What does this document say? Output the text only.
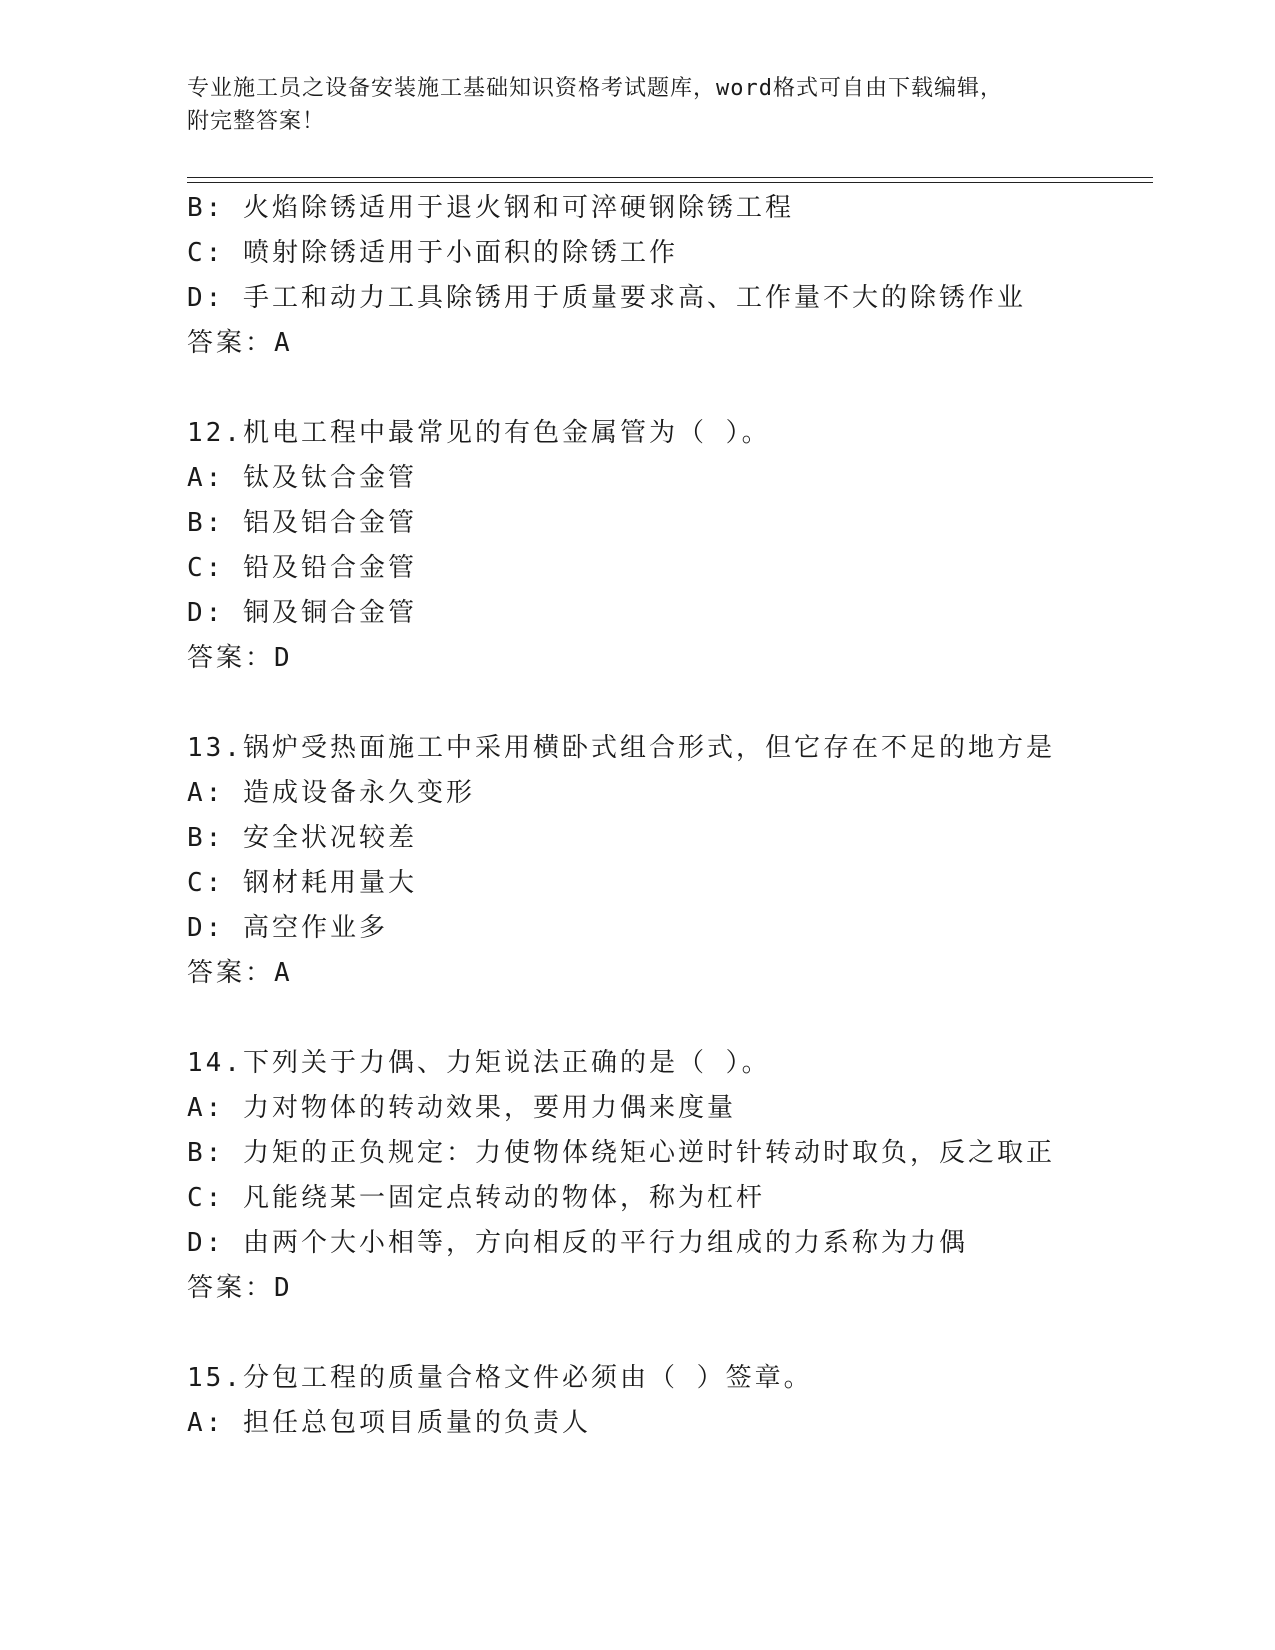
专业施工员之设备安装施工基础知识资格考试题库，word格式可自由下载编辑，
附完整答案！
B: 火焰除锈适用于退火钢和可淬硬钢除锈工程
C: 喷射除锈适用于小面积的除锈工作
D: 手工和动力工具除锈用于质量要求高、工作量不大的除锈作业
答案：A
12.机电工程中最常见的有色金属管为（ ）。
A: 钛及钛合金管
B: 铝及铝合金管
C: 铅及铅合金管
D: 铜及铜合金管
答案：D
13.锅炉受热面施工中采用横卧式组合形式，但它存在不足的地方是
A: 造成设备永久变形
B: 安全状况较差
C: 钢材耗用量大
D: 高空作业多
答案：A
14.下列关于力偶、力矩说法正确的是（ ）。
A: 力对物体的转动效果，要用力偶来度量
B: 力矩的正负规定：力使物体绕矩心逆时针转动时取负，反之取正
C: 凡能绕某一固定点转动的物体，称为杠杆
D: 由两个大小相等，方向相反的平行力组成的力系称为力偶
答案：D
15.分包工程的质量合格文件必须由（ ）签章。
A: 担任总包项目质量的负责人
